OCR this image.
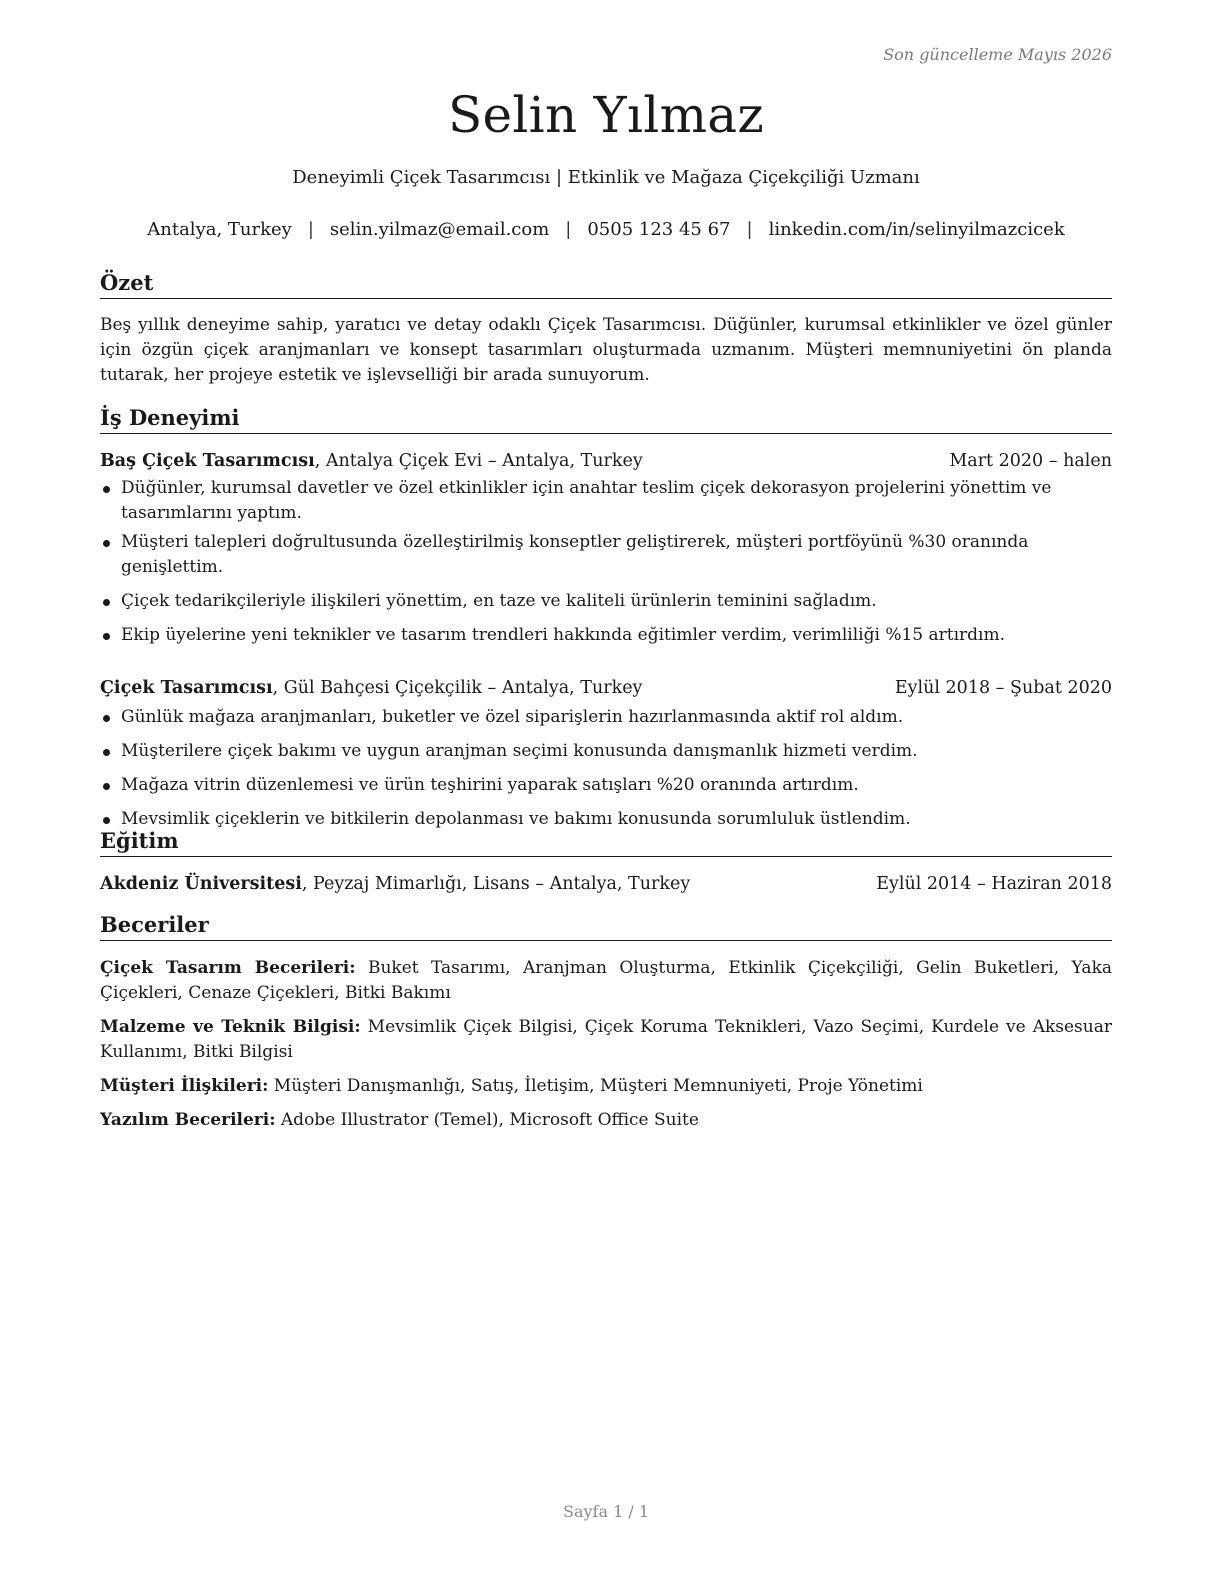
Son güncelleme Mayıs 2026
Selin Yılmaz
Deneyimli Çiçek Tasarımcısı | Etkinlik ve Mağaza Çiçekçiliği Uzmanı
Antalya, Turkey | selin.yilmaz@email.com | 0505 123 45 67 | linkedin.com/in/selinyilmazcicek
Özet
Beş yıllık deneyime sahip, yaratıcı ve detay odaklı Çiçek Tasarımcısı. Düğünler, kurumsal etkinlikler ve özel günler için özgün çiçek aranjmanları ve konsept tasarımları oluşturmada uzmanım. Müşteri memnuniyetini ön planda tutarak, her projeye estetik ve işlevselliği bir arada sunuyorum.
İş Deneyimi
Baş Çiçek Tasarımcısı, Antalya Çiçek Evi – Antalya, Turkey	Mart 2020 – halen
Düğünler, kurumsal davetler ve özel etkinlikler için anahtar teslim çiçek dekorasyon projelerini yönettim ve tasarımlarını yaptım.
Müşteri talepleri doğrultusunda özelleştirilmiş konseptler geliştirerek, müşteri portföyünü %30 oranında genişlettim.
Çiçek tedarikçileriyle ilişkileri yönettim, en taze ve kaliteli ürünlerin teminini sağladım.
Ekip üyelerine yeni teknikler ve tasarım trendleri hakkında eğitimler verdim, verimliliği %15 artırdım.
Çiçek Tasarımcısı, Gül Bahçesi Çiçekçilik – Antalya, Turkey	Eylül 2018 – Şubat 2020
Günlük mağaza aranjmanları, buketler ve özel siparişlerin hazırlanmasında aktif rol aldım.
Müşterilere çiçek bakımı ve uygun aranjman seçimi konusunda danışmanlık hizmeti verdim.
Mağaza vitrin düzenlemesi ve ürün teşhirini yaparak satışları %20 oranında artırdım.
Mevsimlik çiçeklerin ve bitkilerin depolanması ve bakımı konusunda sorumluluk üstlendim.
Eğitim
Akdeniz Üniversitesi, Peyzaj Mimarlığı, Lisans – Antalya, Turkey	Eylül 2014 – Haziran 2018
Beceriler
Çiçek Tasarım Becerileri: Buket Tasarımı, Aranjman Oluşturma, Etkinlik Çiçekçiliği, Gelin Buketleri, Yaka Çiçekleri, Cenaze Çiçekleri, Bitki Bakımı
Malzeme ve Teknik Bilgisi: Mevsimlik Çiçek Bilgisi, Çiçek Koruma Teknikleri, Vazo Seçimi, Kurdele ve Aksesuar Kullanımı, Bitki Bilgisi
Müşteri İlişkileri: Müşteri Danışmanlığı, Satış, İletişim, Müşteri Memnuniyeti, Proje Yönetimi
Yazılım Becerileri: Adobe Illustrator (Temel), Microsoft Office Suite
Sayfa 1 / 1
